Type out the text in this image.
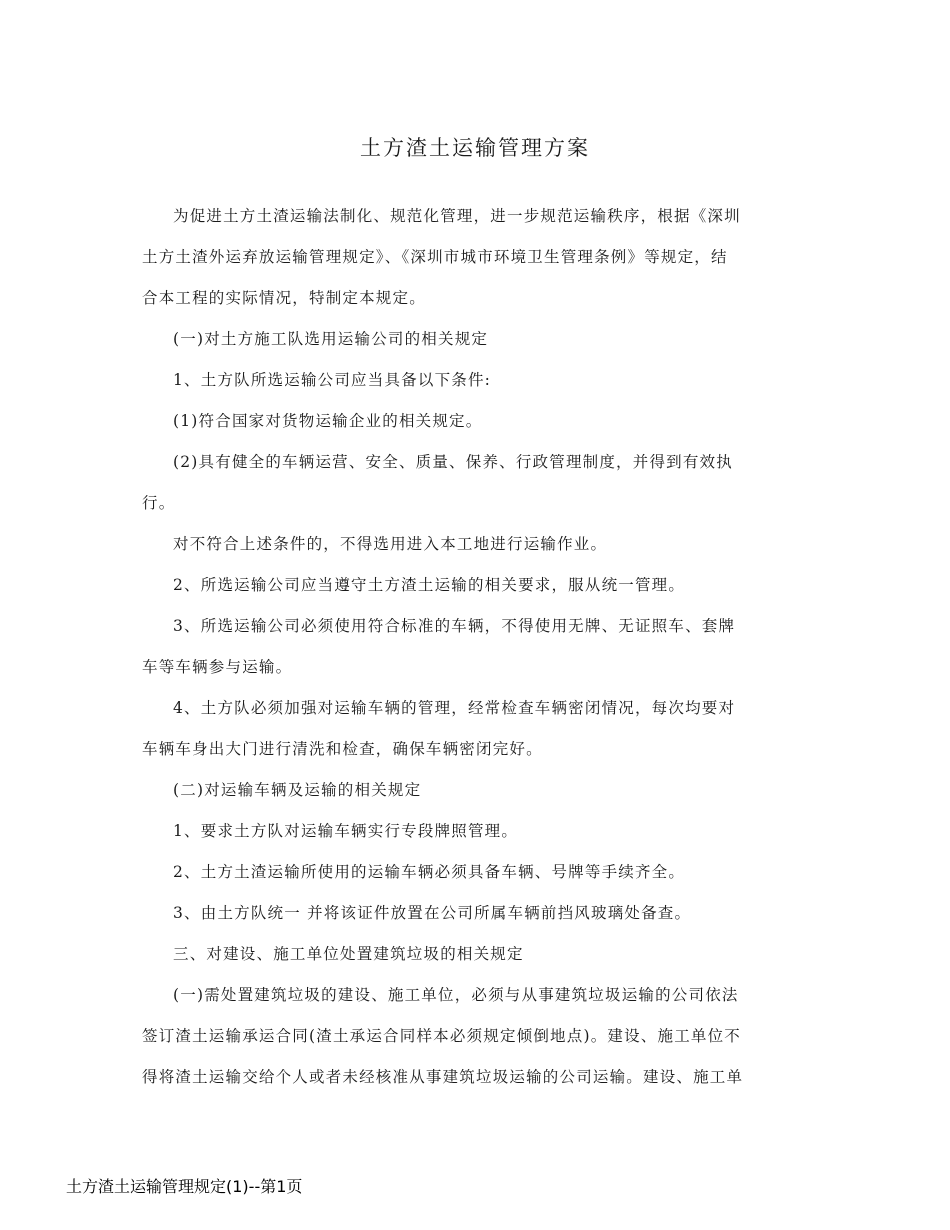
土方渣土运输管理方案

为促进土方土渣运输法制化、规范化管理，进一步规范运输秩序，根据《深圳

土方土渣外运弃放运输管理规定》、《深圳市城市环境卫生管理条例》等规定，结

合本工程的实际情况，特制定本规定。

(一)对土方施工队选用运输公司的相关规定

1、土方队所选运输公司应当具备以下条件:

(1)符合国家对货物运输企业的相关规定。

(2)具有健全的车辆运营、安全、质量、保养、行政管理制度，并得到有效执

行。

对不符合上述条件的，不得选用进入本工地进行运输作业。

2、所选运输公司应当遵守土方渣土运输的相关要求，服从统一管理。

3、所选运输公司必须使用符合标准的车辆，不得使用无牌、无证照车、套牌

车等车辆参与运输。

4、土方队必须加强对运输车辆的管理，经常检查车辆密闭情况，每次均要对

车辆车身出大门进行清洗和检查，确保车辆密闭完好。

(二)对运输车辆及运输的相关规定

1、要求土方队对运输车辆实行专段牌照管理。

2、土方土渣运输所使用的运输车辆必须具备车辆、号牌等手续齐全。

3、由土方队统一 并将该证件放置在公司所属车辆前挡风玻璃处备查。

三、对建设、施工单位处置建筑垃圾的相关规定

(一)需处置建筑垃圾的建设、施工单位，必须与从事建筑垃圾运输的公司依法

签订渣土运输承运合同(渣土承运合同样本必须规定倾倒地点)。建设、施工单位不

得将渣土运输交给个人或者未经核准从事建筑垃圾运输的公司运输。建设、施工单

土方渣土运输管理规定(1)--第1页
